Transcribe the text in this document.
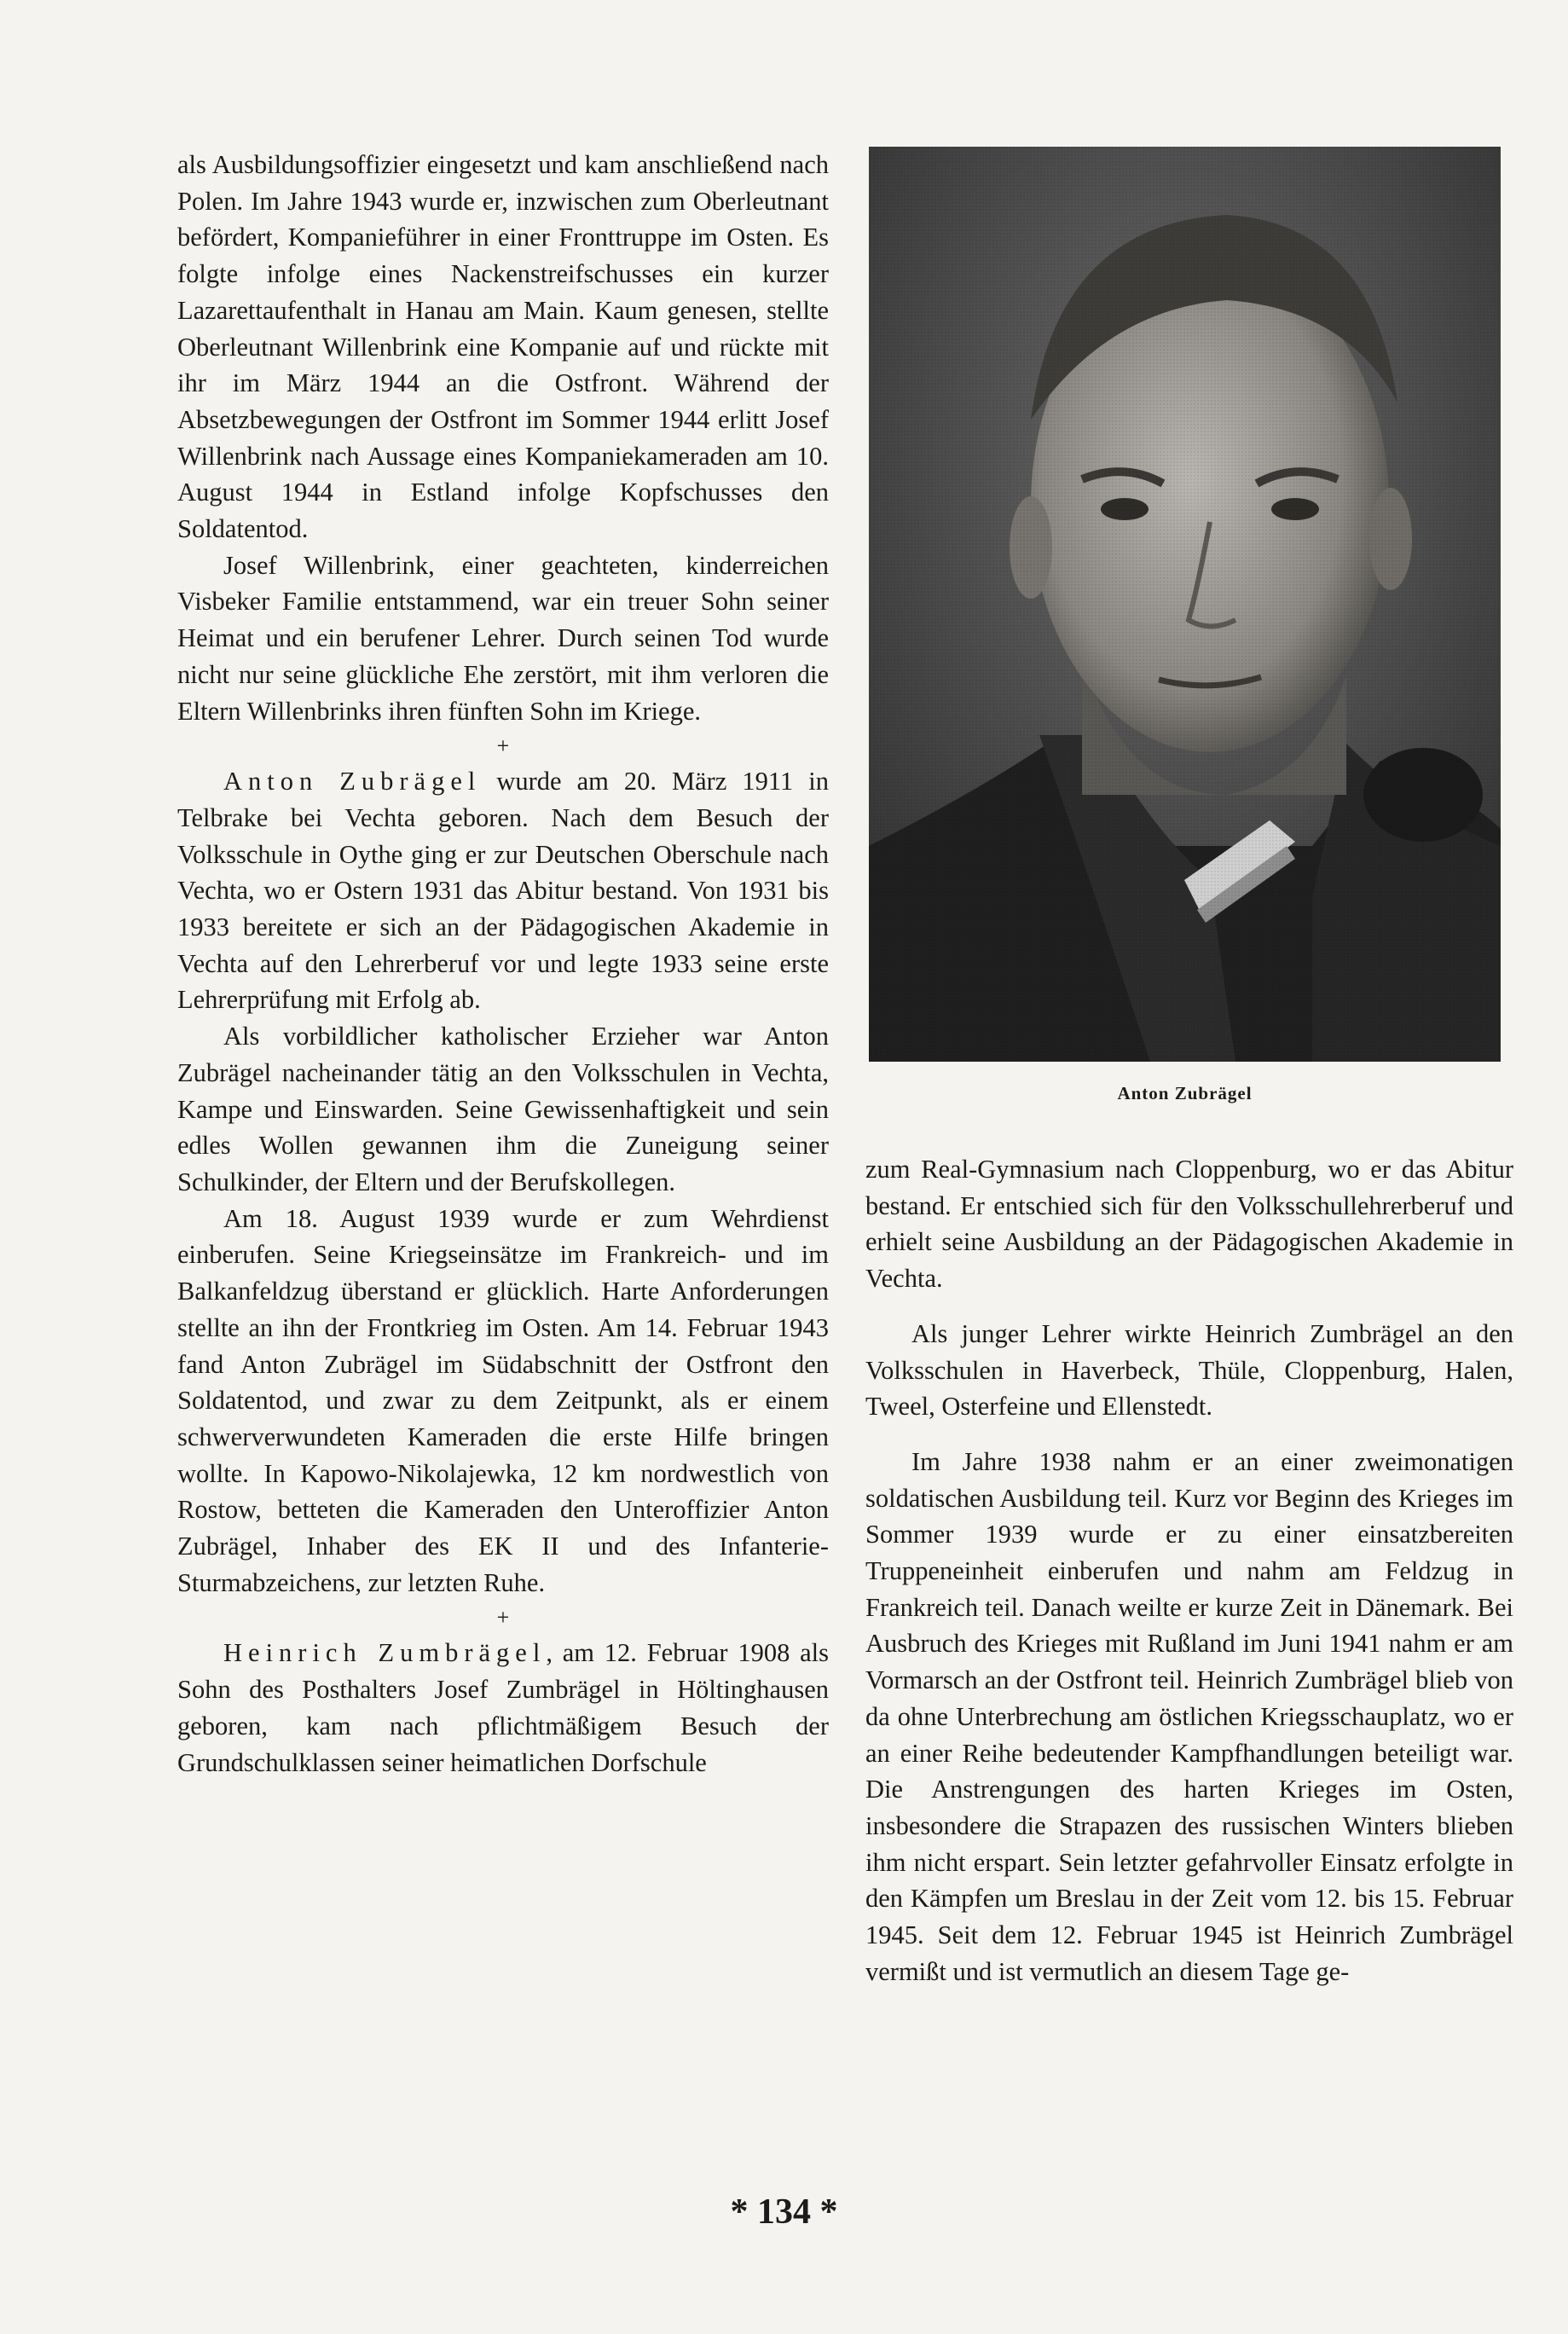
als Ausbildungsoffizier eingesetzt und kam anschließend nach Polen. Im Jahre 1943 wurde er, inzwischen zum Oberleutnant befördert, Kompanieführer in einer Fronttruppe im Osten. Es folgte infolge eines Nackenstreifschusses ein kurzer Lazarettaufenthalt in Hanau am Main. Kaum genesen, stellte Oberleutnant Willenbrink eine Kompanie auf und rückte mit ihr im März 1944 an die Ostfront. Während der Absetzbewegungen der Ostfront im Sommer 1944 erlitt Josef Willenbrink nach Aussage eines Kompaniekameraden am 10. August 1944 in Estland infolge Kopfschusses den Soldatentod.

Josef Willenbrink, einer geachteten, kinderreichen Visbeker Familie entstammend, war ein treuer Sohn seiner Heimat und ein berufener Lehrer. Durch seinen Tod wurde nicht nur seine glückliche Ehe zerstört, mit ihm verloren die Eltern Willenbrinks ihren fünften Sohn im Kriege.

+

Anton Zubrägel wurde am 20. März 1911 in Telbrake bei Vechta geboren. Nach dem Besuch der Volksschule in Oythe ging er zur Deutschen Oberschule nach Vechta, wo er Ostern 1931 das Abitur bestand. Von 1931 bis 1933 bereitete er sich an der Pädagogischen Akademie in Vechta auf den Lehrerberuf vor und legte 1933 seine erste Lehrerprüfung mit Erfolg ab.

Als vorbildlicher katholischer Erzieher war Anton Zubrägel nacheinander tätig an den Volksschulen in Vechta, Kampe und Einswarden. Seine Gewissenhaftigkeit und sein edles Wollen gewannen ihm die Zuneigung seiner Schulkinder, der Eltern und der Berufskollegen.

Am 18. August 1939 wurde er zum Wehrdienst einberufen. Seine Kriegseinsätze im Frankreich- und im Balkanfeldzug überstand er glücklich. Harte Anforderungen stellte an ihn der Frontkrieg im Osten. Am 14. Februar 1943 fand Anton Zubrägel im Südabschnitt der Ostfront den Soldatentod, und zwar zu dem Zeitpunkt, als er einem schwerverwundeten Kameraden die erste Hilfe bringen wollte. In Kapowo-Nikolajewka, 12 km nordwestlich von Rostow, betteten die Kameraden den Unteroffizier Anton Zubrägel, Inhaber des EK II und des Infanterie-Sturmabzeichens, zur letzten Ruhe.

+

Heinrich Zumbrägel, am 12. Februar 1908 als Sohn des Posthalters Josef Zumbrägel in Höltinghausen geboren, kam nach pflichtmäßigem Besuch der Grundschulklassen seiner heimatlichen Dorfschule

Anton Zubrägel

zum Real-Gymnasium nach Cloppenburg, wo er das Abitur bestand. Er entschied sich für den Volksschullehrerberuf und erhielt seine Ausbildung an der Pädagogischen Akademie in Vechta.

Als junger Lehrer wirkte Heinrich Zumbrägel an den Volksschulen in Haverbeck, Thüle, Cloppenburg, Halen, Tweel, Osterfeine und Ellenstedt.

Im Jahre 1938 nahm er an einer zweimonatigen soldatischen Ausbildung teil. Kurz vor Beginn des Krieges im Sommer 1939 wurde er zu einer einsatzbereiten Truppeneinheit einberufen und nahm am Feldzug in Frankreich teil. Danach weilte er kurze Zeit in Dänemark. Bei Ausbruch des Krieges mit Rußland im Juni 1941 nahm er am Vormarsch an der Ostfront teil. Heinrich Zumbrägel blieb von da ohne Unterbrechung am östlichen Kriegsschauplatz, wo er an einer Reihe bedeutender Kampfhandlungen beteiligt war. Die Anstrengungen des harten Krieges im Osten, insbesondere die Strapazen des russischen Winters blieben ihm nicht erspart. Sein letzter gefahrvoller Einsatz erfolgte in den Kämpfen um Breslau in der Zeit vom 12. bis 15. Februar 1945. Seit dem 12. Februar 1945 ist Heinrich Zumbrägel vermißt und ist vermutlich an diesem Tage ge-

* 134 *
